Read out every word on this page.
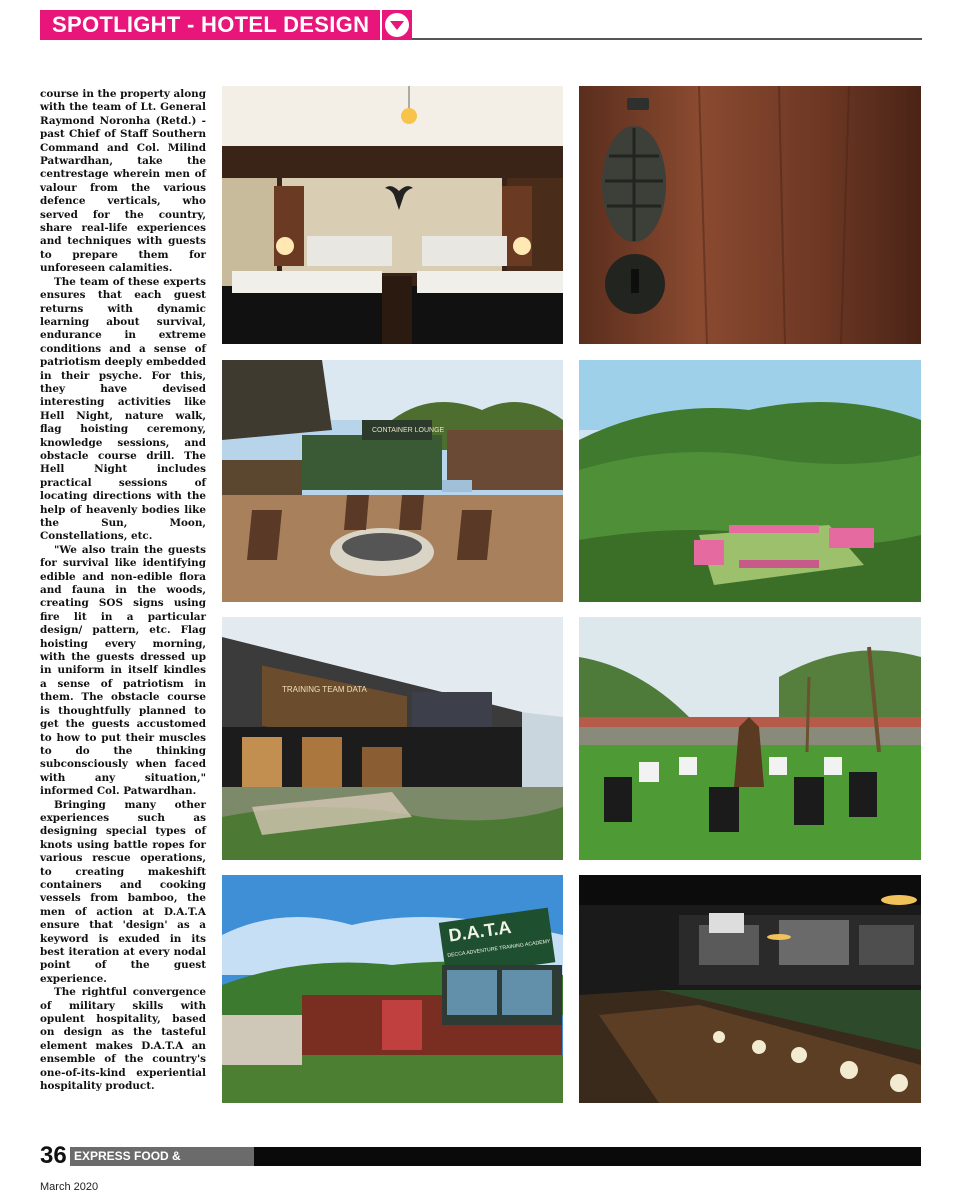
SPOTLIGHT - HOTEL DESIGN

course in the property along with the team of Lt. General Raymond Noronha (Retd.) - past Chief of Staff Southern Command and Col. Milind Patwardhan, take the centrestage wherein men of valour from the various defence verticals, who served for the country, share real-life experiences and techniques with guests to prepare them for unforeseen calamities.

The team of these experts ensures that each guest returns with dynamic learning about survival, endurance in extreme conditions and a sense of patriotism deeply embedded in their psyche. For this, they have devised interesting activities like Hell Night, nature walk, flag hoisting ceremony, knowledge sessions, and obstacle course drill. The Hell Night includes practical sessions of locating directions with the help of heavenly bodies like the Sun, Moon, Constellations, etc.

"We also train the guests for survival like identifying edible and non-edible flora and fauna in the woods, creating SOS signs using fire lit in a particular design/ pattern, etc. Flag hoisting every morning, with the guests dressed up in uniform in itself kindles a sense of patriotism in them. The obstacle course is thoughtfully planned to get the guests accustomed to how to put their muscles to do the thinking subconsciously when faced with any situation," informed Col. Patwardhan.

Bringing many other experiences such as designing special types of knots using battle ropes for various rescue operations, to creating makeshift containers and cooking vessels from bamboo, the men of action at D.A.T.A ensure that 'design' as a keyword is exuded in its best iteration at every nodal point of the guest experience.

The rightful convergence of military skills with opulent hospitality, based on design as the tasteful element makes D.A.T.A an ensemble of the country's one-of-its-kind experiential hospitality product.

CONTAINER LOUNGE
TRAINING TEAM DATA
D.A.T.A
DECCA ADVENTURE TRAINING ACADEMY
36 EXPRESS FOOD & HOSPITALITY
March 2020
